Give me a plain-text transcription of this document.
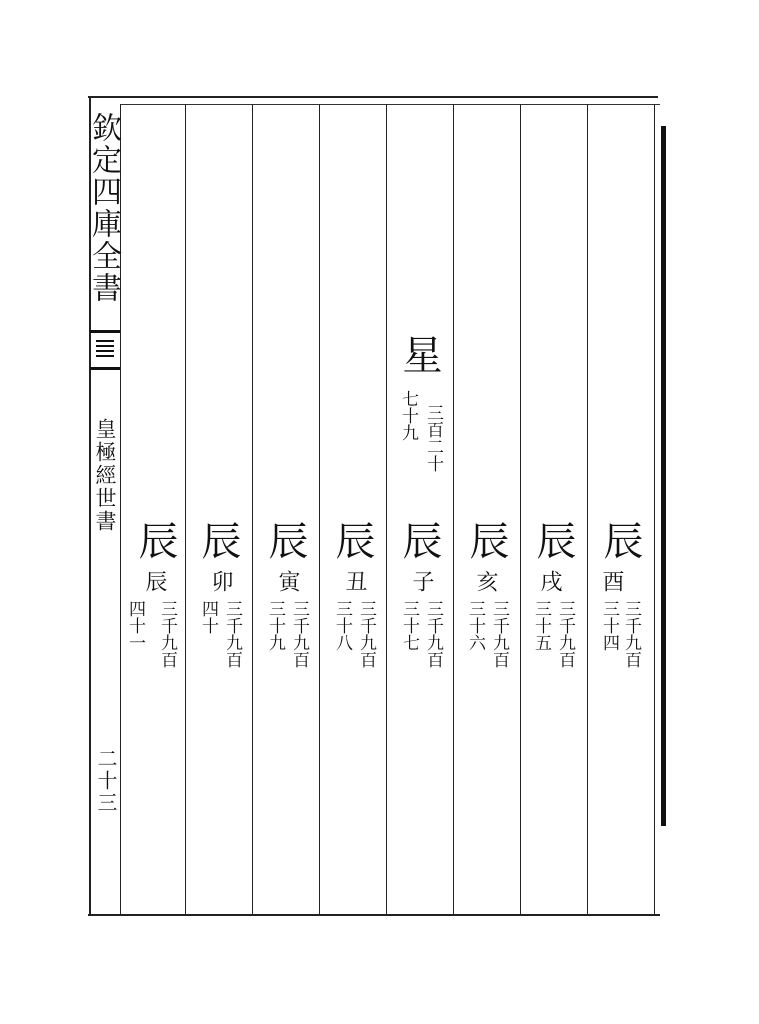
欽定四庫全書
皇極經世書
二十三
星
三百二十
七十九
辰
酉
三千九百
三十四
辰
戌
三千九百
三十五
辰
亥
三千九百
三十六
辰
子
三千九百
三十七
辰
丑
三千九百
三十八
辰
寅
三千九百
三十九
辰
卯
三千九百
四十
辰
辰
三千九百
四十一
